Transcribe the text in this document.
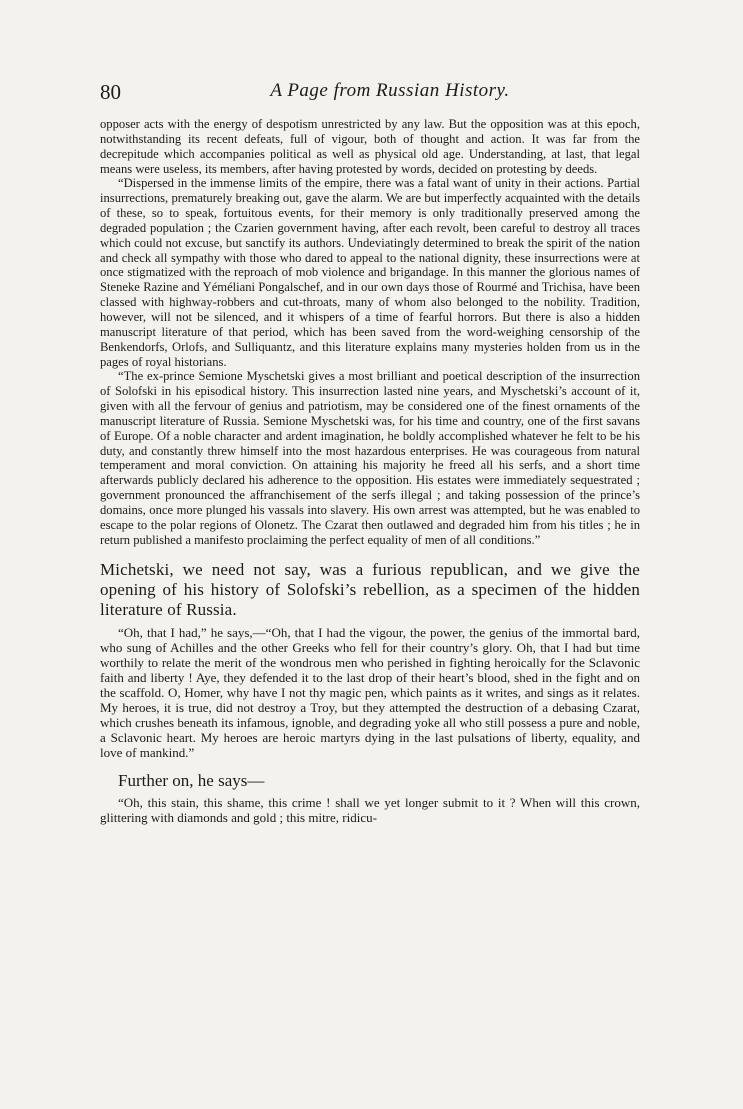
80	A Page from Russian History.

opposer acts with the energy of despotism unrestricted by any law. But the opposition was at this epoch, notwithstanding its recent defeats, full of vigour, both of thought and action. It was far from the decrepitude which accompanies political as well as physical old age. Understanding, at last, that legal means were useless, its members, after having protested by words, decided on protesting by deeds.

“Dispersed in the immense limits of the empire, there was a fatal want of unity in their actions. Partial insurrections, prematurely breaking out, gave the alarm. We are but imperfectly acquainted with the details of these, so to speak, fortuitous events, for their memory is only traditionally preserved among the degraded population ; the Czarien government having, after each revolt, been careful to destroy all traces which could not excuse, but sanctify its authors. Undeviatingly determined to break the spirit of the nation and check all sympathy with those who dared to appeal to the national dignity, these insurrections were at once stigmatized with the reproach of mob violence and brigandage. In this manner the glorious names of Steneke Razine and Yéméliani Pongalschef, and in our own days those of Rourmé and Trichisa, have been classed with highway-robbers and cut-throats, many of whom also belonged to the nobility. Tradition, however, will not be silenced, and it whispers of a time of fearful horrors. But there is also a hidden manuscript literature of that period, which has been saved from the word-weighing censorship of the Benkendorfs, Orlofs, and Sulliquantz, and this literature explains many mysteries holden from us in the pages of royal historians.

“The ex-prince Semione Myschetski gives a most brilliant and poetical description of the insurrection of Solofski in his episodical history. This insurrection lasted nine years, and Myschetski’s account of it, given with all the fervour of genius and patriotism, may be considered one of the finest ornaments of the manuscript literature of Russia. Semione Myschetski was, for his time and country, one of the first savans of Europe. Of a noble character and ardent imagination, he boldly accomplished whatever he felt to be his duty, and constantly threw himself into the most hazardous enterprises. He was courageous from natural temperament and moral conviction. On attaining his majority he freed all his serfs, and a short time afterwards publicly declared his adherence to the opposition. His estates were immediately sequestrated ; government pronounced the affranchisement of the serfs illegal ; and taking possession of the prince’s domains, once more plunged his vassals into slavery. His own arrest was attempted, but he was enabled to escape to the polar regions of Olonetz. The Czarat then outlawed and degraded him from his titles ; he in return published a manifesto proclaiming the perfect equality of men of all conditions.”

Michetski, we need not say, was a furious republican, and we give the opening of his history of Solofski’s rebellion, as a specimen of the hidden literature of Russia.

“Oh, that I had,” he says,—“Oh, that I had the vigour, the power, the genius of the immortal bard, who sung of Achilles and the other Greeks who fell for their country’s glory. Oh, that I had but time worthily to relate the merit of the wondrous men who perished in fighting heroically for the Sclavonic faith and liberty ! Aye, they defended it to the last drop of their heart’s blood, shed in the fight and on the scaffold. O, Homer, why have I not thy magic pen, which paints as it writes, and sings as it relates. My heroes, it is true, did not destroy a Troy, but they attempted the destruction of a debasing Czarat, which crushes beneath its infamous, ignoble, and degrading yoke all who still possess a pure and noble, a Sclavonic heart. My heroes are heroic martyrs dying in the last pulsations of liberty, equality, and love of mankind.”

Further on, he says—

“Oh, this stain, this shame, this crime ! shall we yet longer submit to it ? When will this crown, glittering with diamonds and gold ; this mitre, ridicu-
